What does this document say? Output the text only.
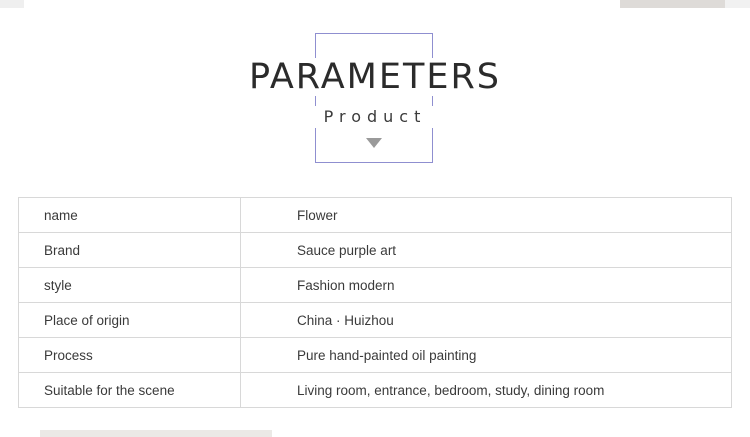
PARAMETERS
Product
name	Flower
Brand	Sauce purple art
style	Fashion modern
Place of origin	China · Huizhou
Process	Pure hand-painted oil painting
Suitable for the scene	Living room, entrance, bedroom, study, dining room
